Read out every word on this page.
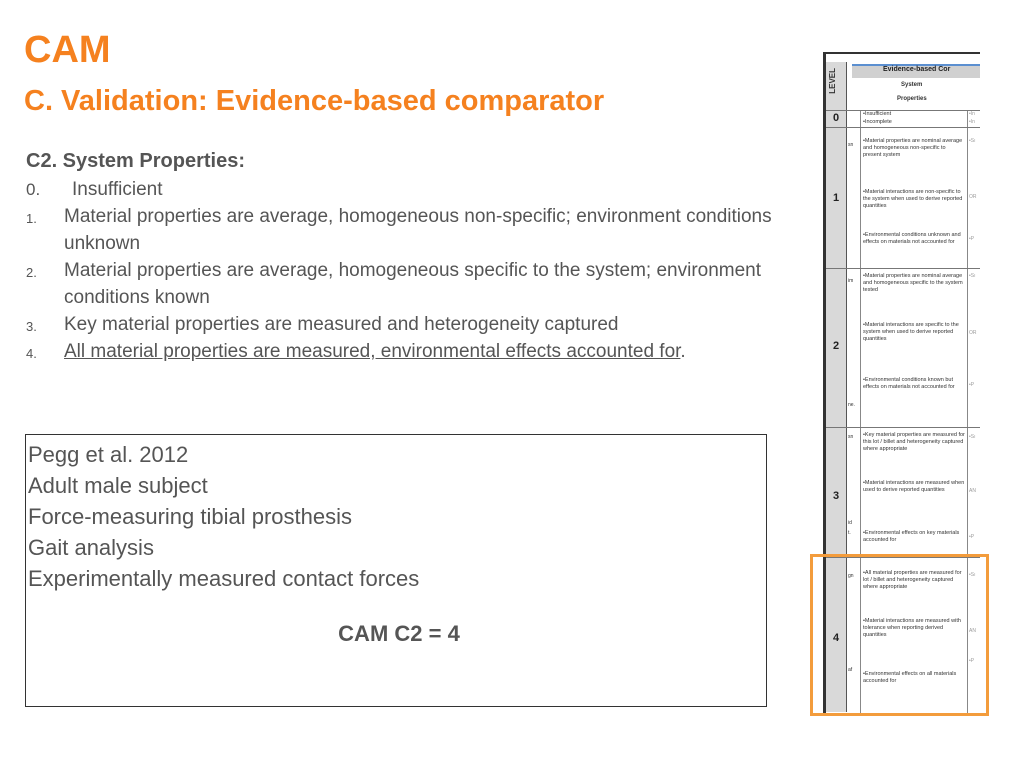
CAM
C. Validation: Evidence-based comparator

C2. System Properties:

0. Insufficient
1. Material properties are average, homogeneous non-specific; environment conditions unknown
2. Material properties are average, homogeneous specific to the system; environment conditions known
3. Key material properties are measured and heterogeneity captured
4. All material properties are measured, environmental effects accounted for.
Pegg et al. 2012
Adult male subject
Force-measuring tibial prosthesis
Gait analysis
Experimentally measured contact forces
CAM C2 = 4
LEVEL	Evidence-based Cor
System
Properties
0
1
2
3
4
•Insufficient
•Incomplete
•Material properties are nominal average and homogeneous non-specific to present system
•Material interactions are non-specific to the system when used to derive reported quantities
•Environmental conditions unknown and effects on materials not accounted for
•Material properties are nominal average and homogeneous specific to the system tested
•Material interactions are specific to the system when used to derive reported quantities
•Environmental conditions known but effects on materials not accounted for
•Key material properties are measured for this lot / billet and heterogeneity captured where appropriate
•Material interactions are measured when used to derive reported quantities
•Environmental effects on key materials accounted for
•All material properties are measured for lot / billet and heterogeneity captured where appropriate
•Material interactions are measured with tolerance when reporting derived quantities
•Environmental effects on all materials accounted for
•In
•In
•Sı
OR
•P
•Sı
OR
•P
•Sı
AN
•P
•Sı
AN
•P
sn
im
ne.
sn
id
t.
gn
af
